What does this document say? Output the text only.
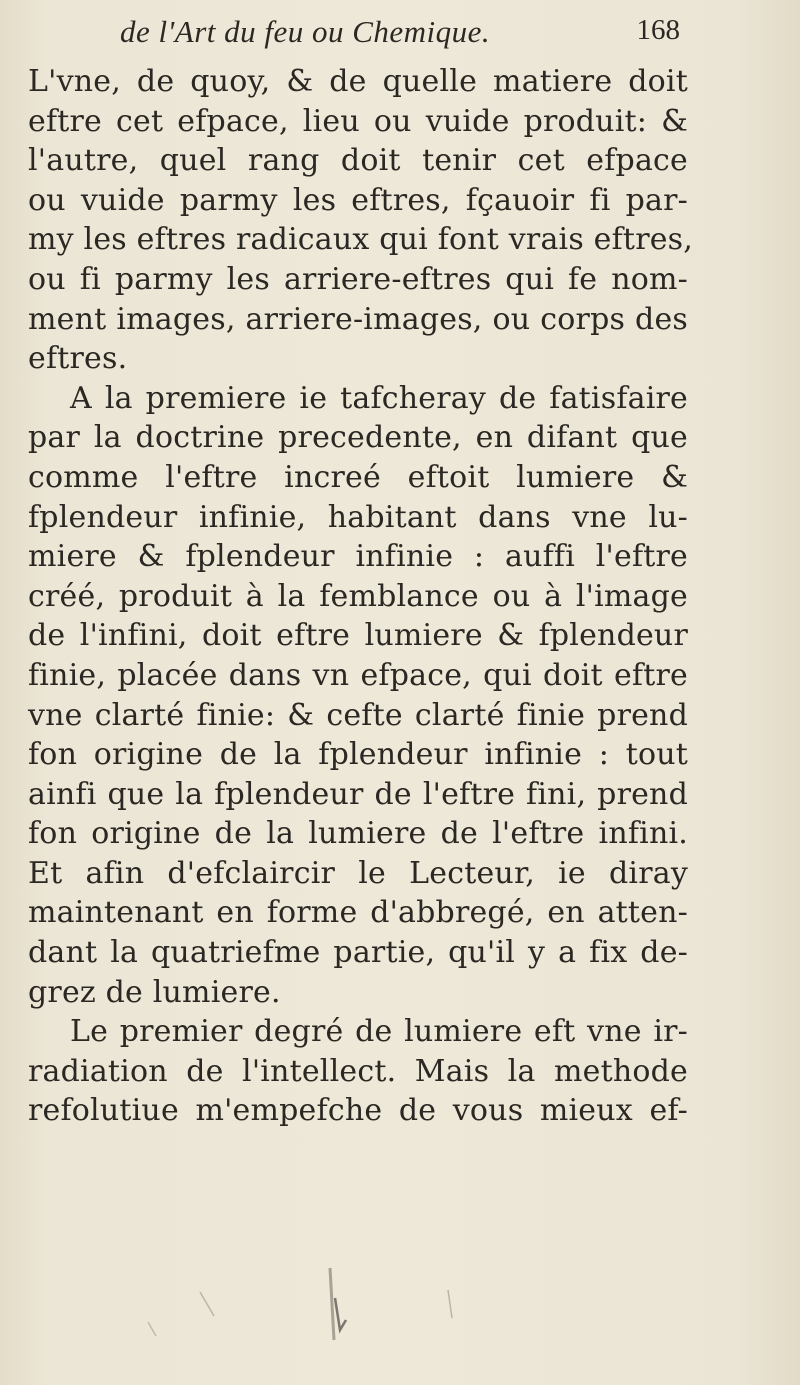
de l'Art du feu ou Chemique.	168
L'vne, de quoy, & de quelle matiere doit
eftre cet efpace, lieu ou vuide produit: &
l'autre, quel rang doit tenir cet efpace
ou vuide parmy les eftres, fçauoir fi par-
my les eftres radicaux qui font vrais eftres,
ou fi parmy les arriere-eftres qui fe nom-
ment images, arriere-images, ou corps des
eftres.
A la premiere ie tafcheray de fatisfaire
par la doctrine precedente, en difant que
comme l'eftre increé eftoit lumiere &
fplendeur infinie, habitant dans vne lu-
miere & fplendeur infinie : auffi l'eftre
créé, produit à la femblance ou à l'image
de l'infini, doit eftre lumiere & fplendeur
finie, placée dans vn efpace, qui doit eftre
vne clarté finie: & cefte clarté finie prend
fon origine de la fplendeur infinie : tout
ainfi que la fplendeur de l'eftre fini, prend
fon origine de la lumiere de l'eftre infini.
Et afin d'efclaircir le Lecteur, ie diray
maintenant en forme d'abbregé, en atten-
dant la quatriefme partie, qu'il y a fix de-
grez de lumiere.
Le premier degré de lumiere eft vne ir-
radiation de l'intellect. Mais la methode
refolutiue m'empefche de vous mieux ef-
